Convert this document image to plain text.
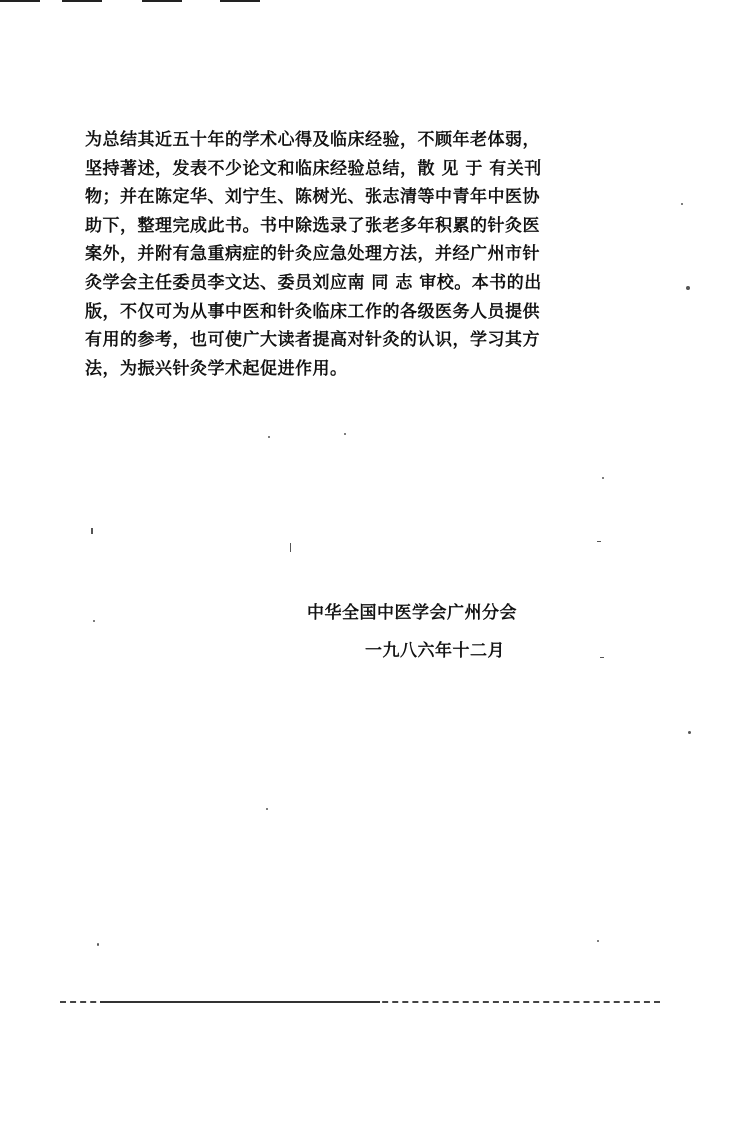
为总结其近五十年的学术心得及临床经验，不顾年老体弱，
坚持著述，发表不少论文和临床经验总结，散 见 于 有关刊
物；并在陈定华、刘宁生、陈树光、张志清等中青年中医协
助下，整理完成此书。书中除选录了张老多年积累的针灸医
案外，并附有急重病症的针灸应急处理方法，并经广州市针
灸学会主任委员李文达、委员刘应南 同 志 审校。本书的出
版，不仅可为从事中医和针灸临床工作的各级医务人员提供
有用的参考，也可使广大读者提高对针灸的认识，学习其方
法，为振兴针灸学术起促进作用。
中华全国中医学会广州分会
一九八六年十二月
